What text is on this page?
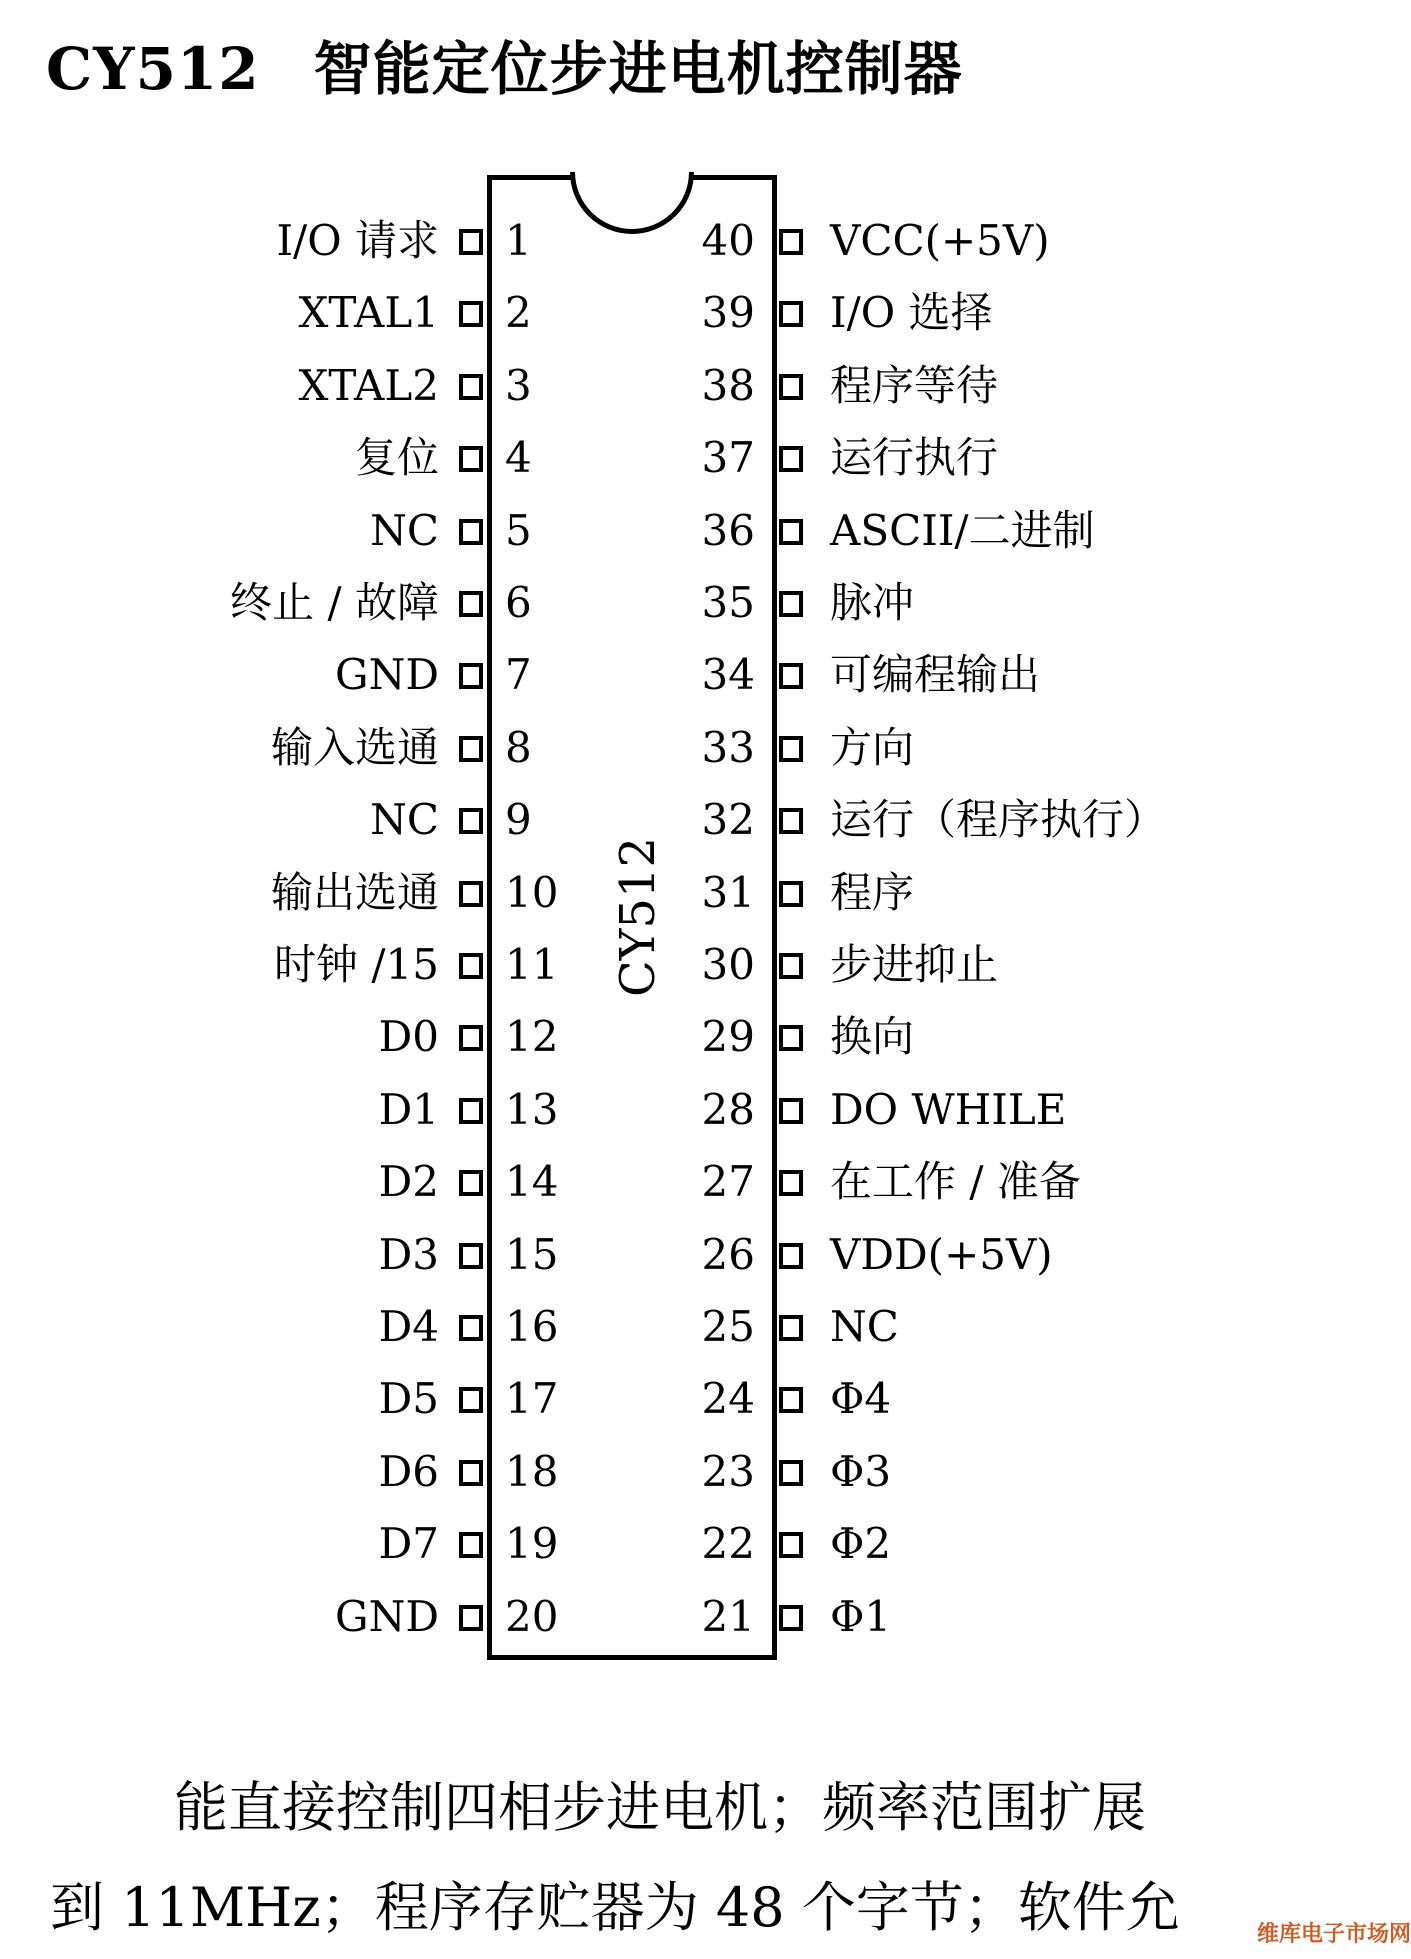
CY512 智能定位步进电机控制器
CY512
1
I/O 请求
2
XTAL1
3
XTAL2
4
复位
5
NC
6
终止 / 故障
7
GND
8
输入选通
9
NC
10
输出选通
11
时钟 /15
12
D0
13
D1
14
D2
15
D3
16
D4
17
D5
18
D6
19
D7
20
GND
40 VCC(+5V)
39 I/O 选择
38 程序等待
37 运行执行
36 ASCII/二进制
35 脉冲
34 可编程输出
33 方向
32 运行（程序执行）
31 程序
30 步进抑止
29 换向
28 DO WHILE
27 在工作 / 准备
26 VDD(+5V)
25 NC
24 Φ4
23 Φ3
22 Φ2
21 Φ1
能直接控制四相步进电机；频率范围扩展
到 11MHz；程序存贮器为 48 个字节；软件允	维库电子市场网
